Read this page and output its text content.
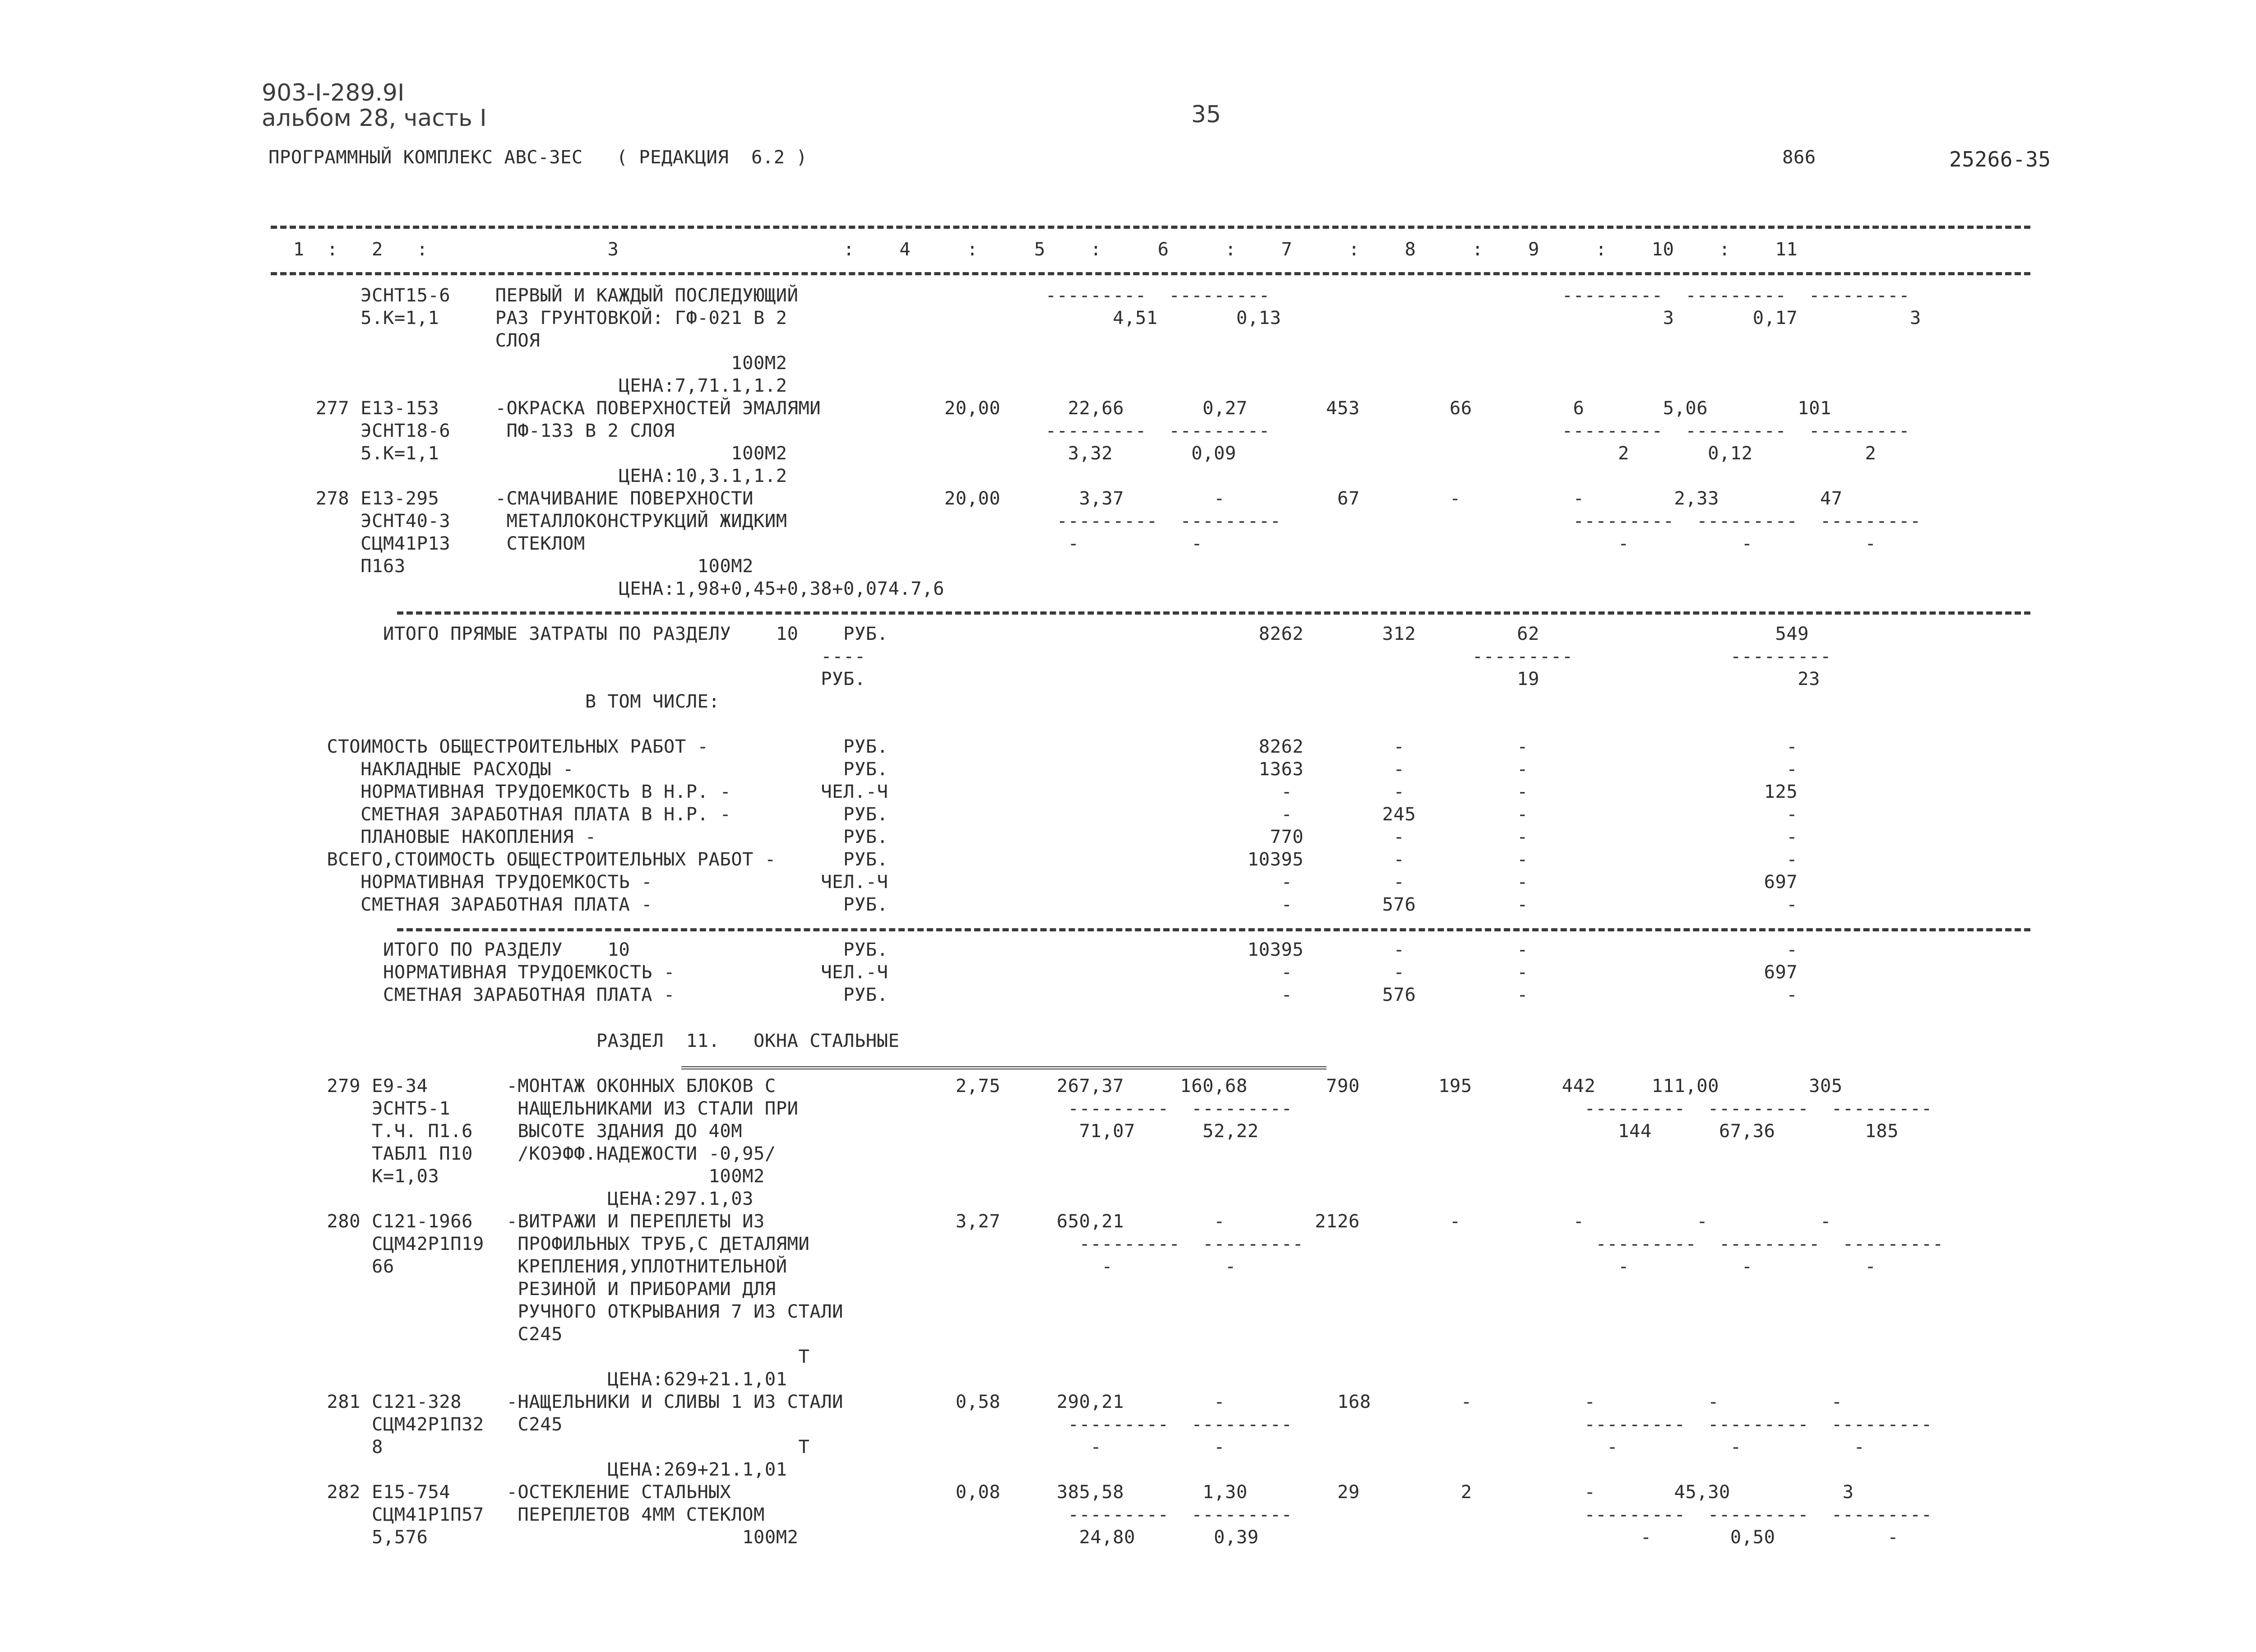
903-I-289.9I
альбом 28, часть I	35
ПРОГРАММНЫЙ КОМПЛЕКС АВС-ЗЕС   ( РЕДАКЦИЯ  6.2 )	866	25266-35
1  :   2   :                3                    :    4     :     5    :     6     :    7     :    8     :    9     :    10    :    11
ЭСНТ15-6    ПЕРВЫЙ И КАЖДЫЙ ПОСЛЕДУЮЩИЙ                      ---------  ---------                          ---------  ---------  ---------
5.К=1,1     РАЗ ГРУНТОВКОЙ: ГФ-021 В 2                             4,51       0,13                                  3       0,17          3
СЛОЯ
100М2
ЦЕНА:7,71.1,1.2
277 Е13-153     -ОКРАСКА ПОВЕРХНОСТЕЙ ЭМАЛЯМИ           20,00      22,66       0,27       453        66         6       5,06        101
ЭСНТ18-6     ПФ-133 В 2 СЛОЯ                                 ---------  ---------                          ---------  ---------  ---------
5.К=1,1                          100М2                         3,32       0,09                                  2       0,12          2
ЦЕНА:10,3.1,1.2
278 Е13-295     -СМАЧИВАНИЕ ПОВЕРХНОСТИ                 20,00       3,37        -          67        -          -        2,33         47
ЭСНТ40-3     МЕТАЛЛОКОНСТРУКЦИЙ ЖИДКИМ                        ---------  ---------                          ---------  ---------  ---------
СЦМ41Р13     СТЕКЛОМ                                           -          -                                     -          -          -
П163                          100М2
ЦЕНА:1,98+0,45+0,38+0,074.7,6
ИТОГО ПРЯМЫЕ ЗАТРАТЫ ПО РАЗДЕЛУ    10    РУБ.                                 8262       312         62                     549
----                                                      ---------              ---------
РУБ.                                                          19                       23
В ТОМ ЧИСЛЕ:
СТОИМОСТЬ ОБЩЕСТРОИТЕЛЬНЫХ РАБОТ -            РУБ.                                 8262        -          -                       -
НАКЛАДНЫЕ РАСХОДЫ -                        РУБ.                                 1363        -          -                       -
НОРМАТИВНАЯ ТРУДОЕМКОСТЬ В Н.Р. -        ЧЕЛ.-Ч                                   -         -          -                     125
СМЕТНАЯ ЗАРАБОТНАЯ ПЛАТА В Н.Р. -          РУБ.                                   -        245         -                       -
ПЛАНОВЫЕ НАКОПЛЕНИЯ -                      РУБ.                                  770        -          -                       -
ВСЕГО,СТОИМОСТЬ ОБЩЕСТРОИТЕЛЬНЫХ РАБОТ -      РУБ.                                10395        -          -                       -
НОРМАТИВНАЯ ТРУДОЕМКОСТЬ -               ЧЕЛ.-Ч                                   -         -          -                     697
СМЕТНАЯ ЗАРАБОТНАЯ ПЛАТА -                 РУБ.                                   -        576         -                       -
ИТОГО ПО РАЗДЕЛУ    10                   РУБ.                                10395        -          -                       -
НОРМАТИВНАЯ ТРУДОЕМКОСТЬ -             ЧЕЛ.-Ч                                   -         -          -                     697
СМЕТНАЯ ЗАРАБОТНАЯ ПЛАТА -               РУБ.                                   -        576         -                       -
РАЗДЕЛ  11.   ОКНА СТАЛЬНЫЕ
279 Е9-34       -МОНТАЖ ОКОННЫХ БЛОКОВ С                2,75     267,37     160,68       790       195        442     111,00        305
ЭСНТ5-1      НАЩЕЛЬНИКАМИ ИЗ СТАЛИ ПРИ                        ---------  ---------                          ---------  ---------  ---------
Т.Ч. П1.6    ВЫСОТЕ ЗДАНИЯ ДО 40М                              71,07      52,22                                144      67,36        185
ТАБЛ1 П10    /КОЭФФ.НАДЕЖОСТИ -0,95/
К=1,03                        100М2
ЦЕНА:297.1,03
280 С121-1966   -ВИТРАЖИ И ПЕРЕПЛЕТЫ ИЗ                 3,27     650,21        -        2126        -          -          -          -
СЦМ42Р1П19   ПРОФИЛЬНЫХ ТРУБ,С ДЕТАЛЯМИ                        ---------  ---------                          ---------  ---------  ---------
66           КРЕПЛЕНИЯ,УПЛОТНИТЕЛЬНОЙ                            -          -                                  -          -          -
РЕЗИНОЙ И ПРИБОРАМИ ДЛЯ
РУЧНОГО ОТКРЫВАНИЯ 7 ИЗ СТАЛИ
С245
Т
ЦЕНА:629+21.1,01
281 С121-328    -НАЩЕЛЬНИКИ И СЛИВЫ 1 ИЗ СТАЛИ          0,58     290,21        -          168        -          -          -          -
СЦМ42Р1П32   С245                                             ---------  ---------                          ---------  ---------  ---------
8                                     Т                         -          -                                  -          -          -
ЦЕНА:269+21.1,01
282 Е15-754     -ОСТЕКЛЕНИЕ СТАЛЬНЫХ                    0,08     385,58       1,30        29         2          -       45,30          3
СЦМ41Р1П57   ПЕРЕПЛЕТОВ 4ММ СТЕКЛОМ                           ---------  ---------                          ---------  ---------  ---------
5,576                            100М2                         24,80       0,39                                  -       0,50          -
